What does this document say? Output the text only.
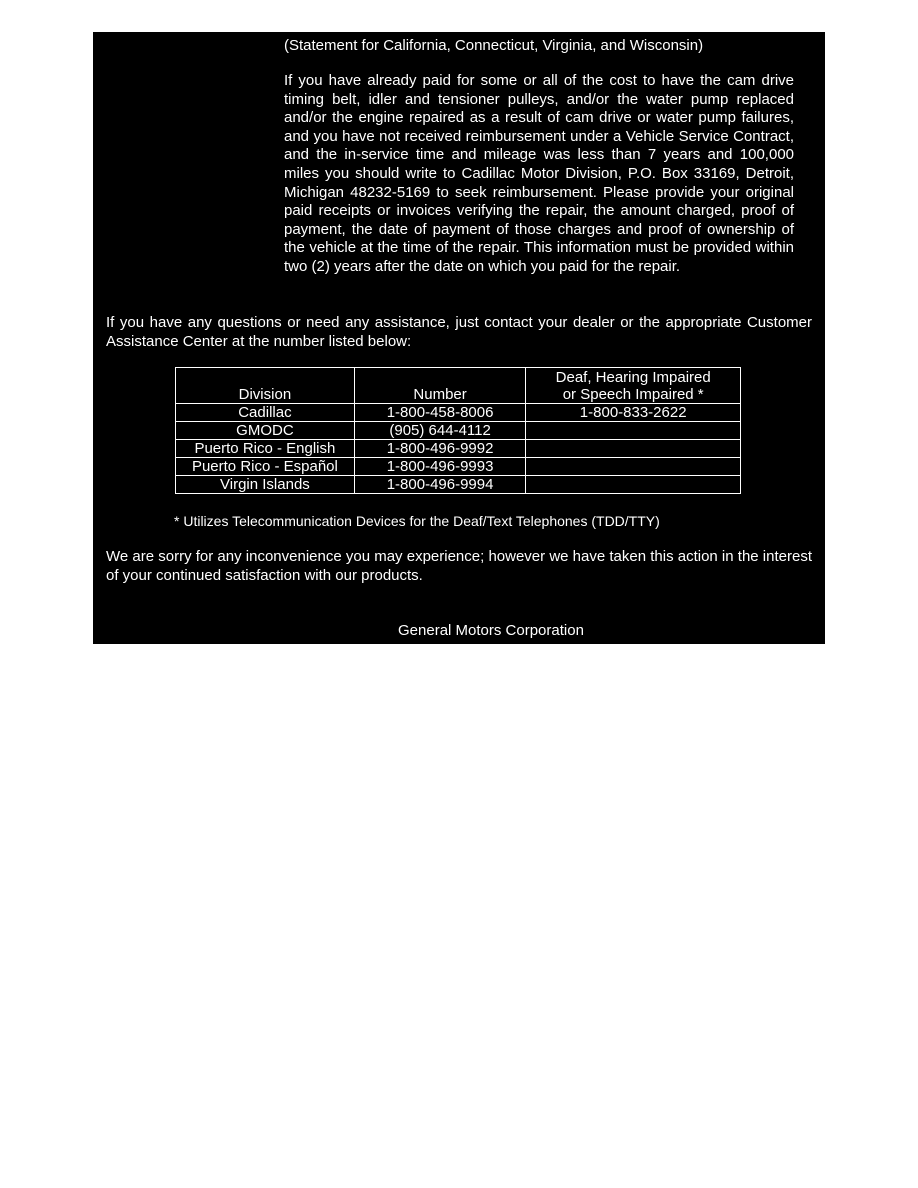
(Statement for California, Connecticut, Virginia, and Wisconsin)

If you have already paid for some or all of the cost to have the cam drive timing belt, idler and tensioner pulleys, and/or the water pump replaced and/or the engine repaired as a result of cam drive or water pump failures, and you have not received reimbursement under a Vehicle Service Contract, and the in-service time and mileage was less than 7 years and 100,000 miles you should write to Cadillac Motor Division, P.O. Box 33169, Detroit, Michigan 48232-5169 to seek reimbursement. Please provide your original paid receipts or invoices verifying the repair, the amount charged, proof of payment, the date of payment of those charges and proof of ownership of the vehicle at the time of the repair. This information must be provided within two (2) years after the date on which you paid for the repair.

If you have any questions or need any assistance, just contact your dealer or the appropriate Customer Assistance Center at the number listed below:

Division	Number	Deaf, Hearing Impaired
or Speech Impaired *

Cadillac	1-800-458-8006	1-800-833-2622
GMODC	(905) 644-4112	
Puerto Rico - English	1-800-496-9992	
Puerto Rico - Español	1-800-496-9993	
Virgin Islands	1-800-496-9994	
* Utilizes Telecommunication Devices for the Deaf/Text Telephones (TDD/TTY)

We are sorry for any inconvenience you may experience; however we have taken this action in the interest of your continued satisfaction with our products.

General Motors Corporation
